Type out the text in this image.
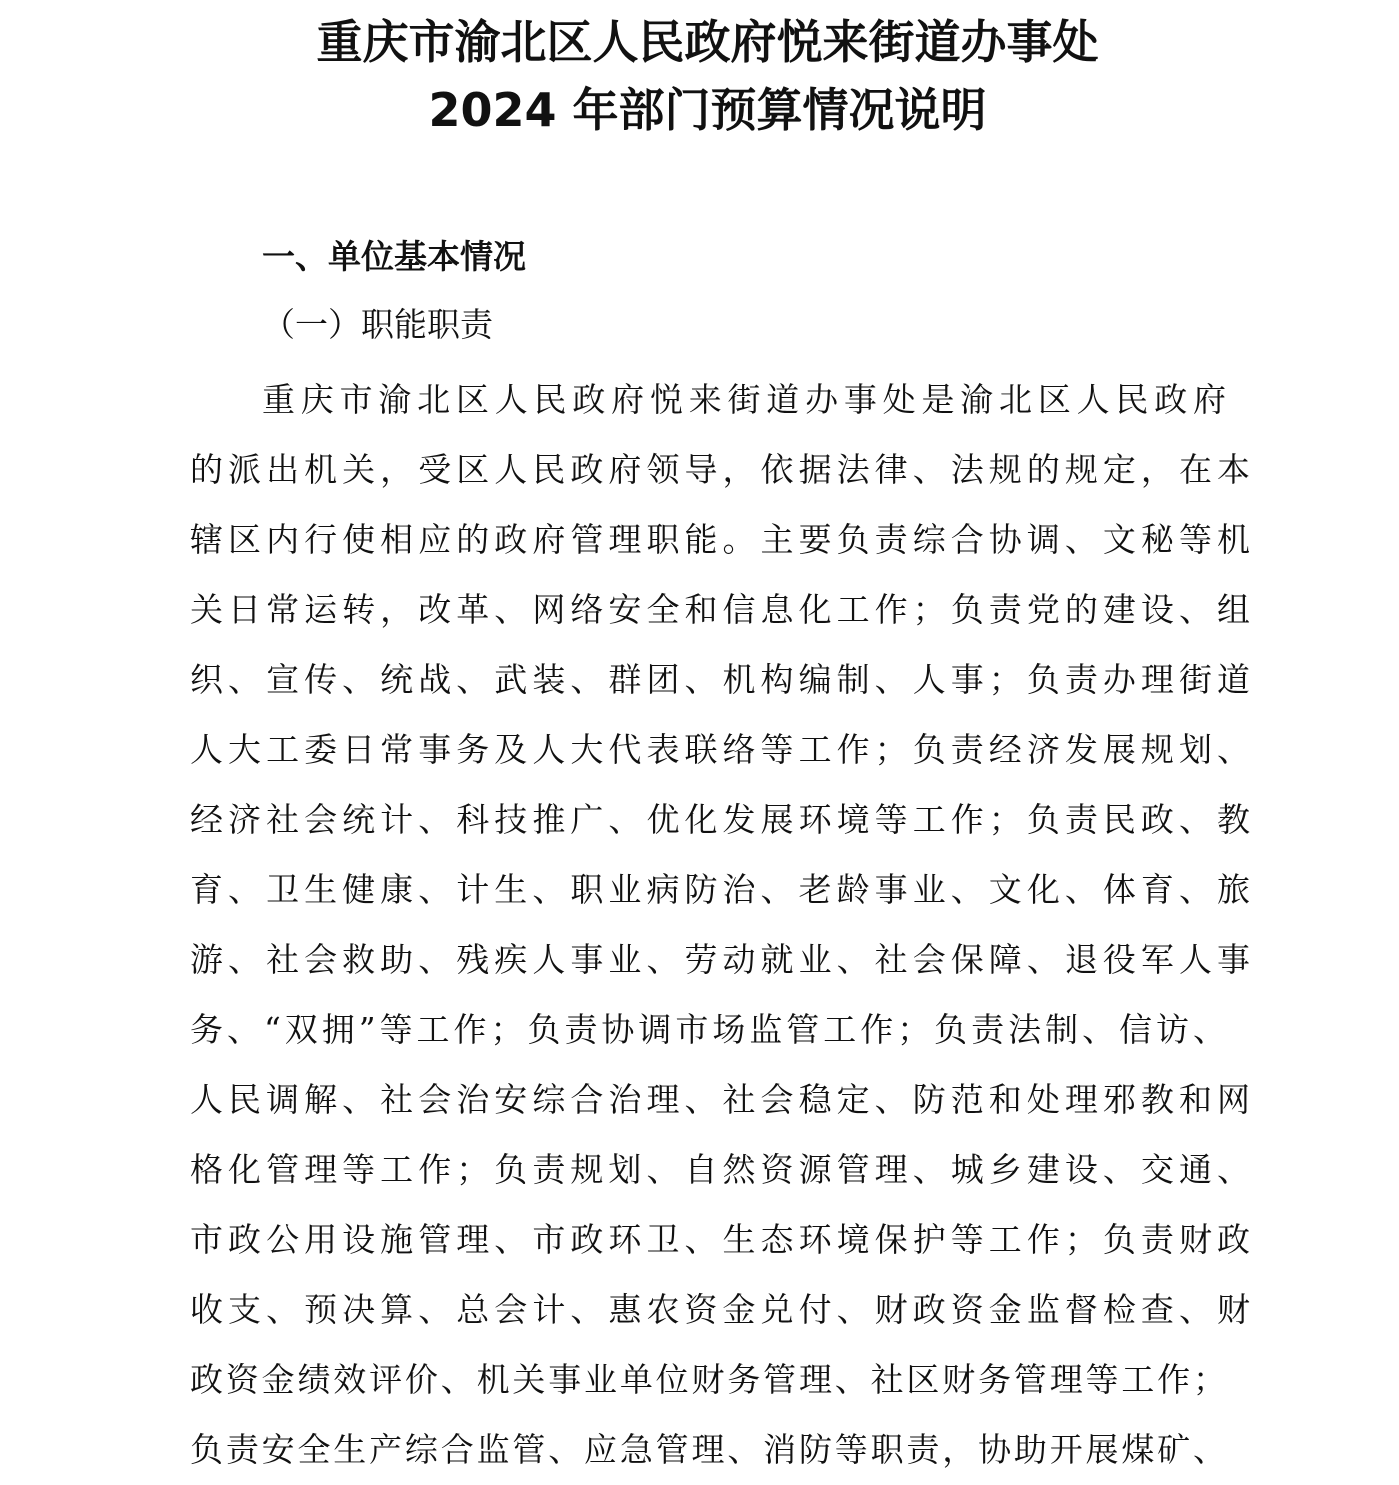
重庆市渝北区人民政府悦来街道办事处
2024 年部门预算情况说明
一、单位基本情况
（一）职能职责
重庆市渝北区人民政府悦来街道办事处是渝北区人民政府
的派出机关，受区人民政府领导，依据法律、法规的规定，在本
辖区内行使相应的政府管理职能。主要负责综合协调、文秘等机
关日常运转，改革、网络安全和信息化工作；负责党的建设、组
织、宣传、统战、武装、群团、机构编制、人事；负责办理街道
人大工委日常事务及人大代表联络等工作；负责经济发展规划、
经济社会统计、科技推广、优化发展环境等工作；负责民政、教
育、卫生健康、计生、职业病防治、老龄事业、文化、体育、旅
游、社会救助、残疾人事业、劳动就业、社会保障、退役军人事
务、“双拥”等工作；负责协调市场监管工作；负责法制、信访、
人民调解、社会治安综合治理、社会稳定、防范和处理邪教和网
格化管理等工作；负责规划、自然资源管理、城乡建设、交通、
市政公用设施管理、市政环卫、生态环境保护等工作；负责财政
收支、预决算、总会计、惠农资金兑付、财政资金监督检查、财
政资金绩效评价、机关事业单位财务管理、社区财务管理等工作；
负责安全生产综合监管、应急管理、消防等职责，协助开展煤矿、
